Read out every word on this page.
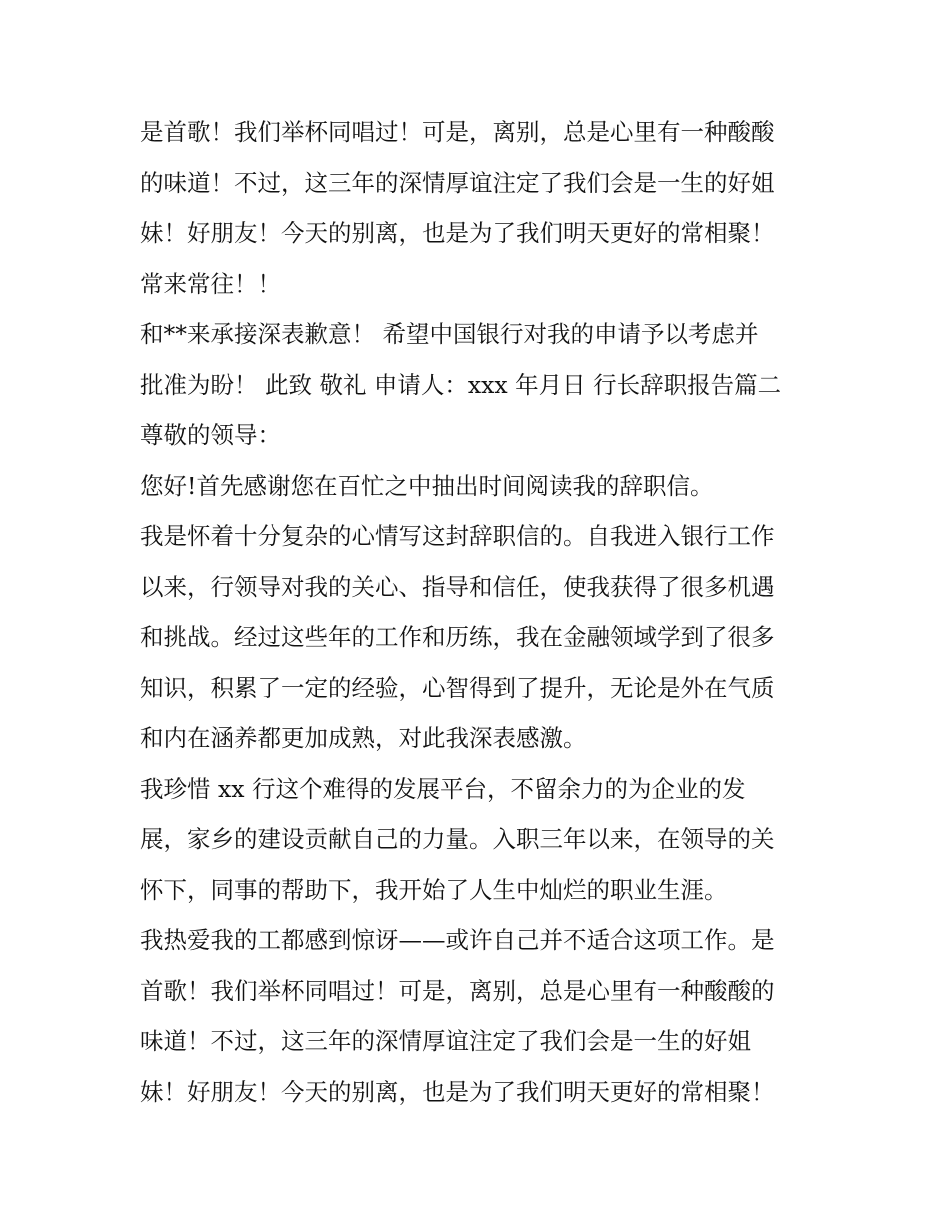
是首歌！我们举杯同唱过！可是，离别，总是心里有一种酸酸
的味道！不过，这三年的深情厚谊注定了我们会是一生的好姐
妹！好朋友！今天的别离，也是为了我们明天更好的常相聚！
常来常往！！
和**来承接深表歉意！ 希望中国银行对我的申请予以考虑并
批准为盼！ 此致 敬礼 申请人：xxx 年月日 行长辞职报告篇二
尊敬的领导：
您好!首先感谢您在百忙之中抽出时间阅读我的辞职信。
我是怀着十分复杂的心情写这封辞职信的。自我进入银行工作
以来，行领导对我的关心、指导和信任，使我获得了很多机遇
和挑战。经过这些年的工作和历练，我在金融领域学到了很多
知识，积累了一定的经验，心智得到了提升，无论是外在气质
和内在涵养都更加成熟，对此我深表感激。
我珍惜 xx 行这个难得的发展平台，不留余力的为企业的发
展，家乡的建设贡献自己的力量。入职三年以来，在领导的关
怀下，同事的帮助下，我开始了人生中灿烂的职业生涯。
我热爱我的工都感到惊讶——或许自己并不适合这项工作。是
首歌！我们举杯同唱过！可是，离别，总是心里有一种酸酸的
味道！不过，这三年的深情厚谊注定了我们会是一生的好姐
妹！好朋友！今天的别离，也是为了我们明天更好的常相聚！
